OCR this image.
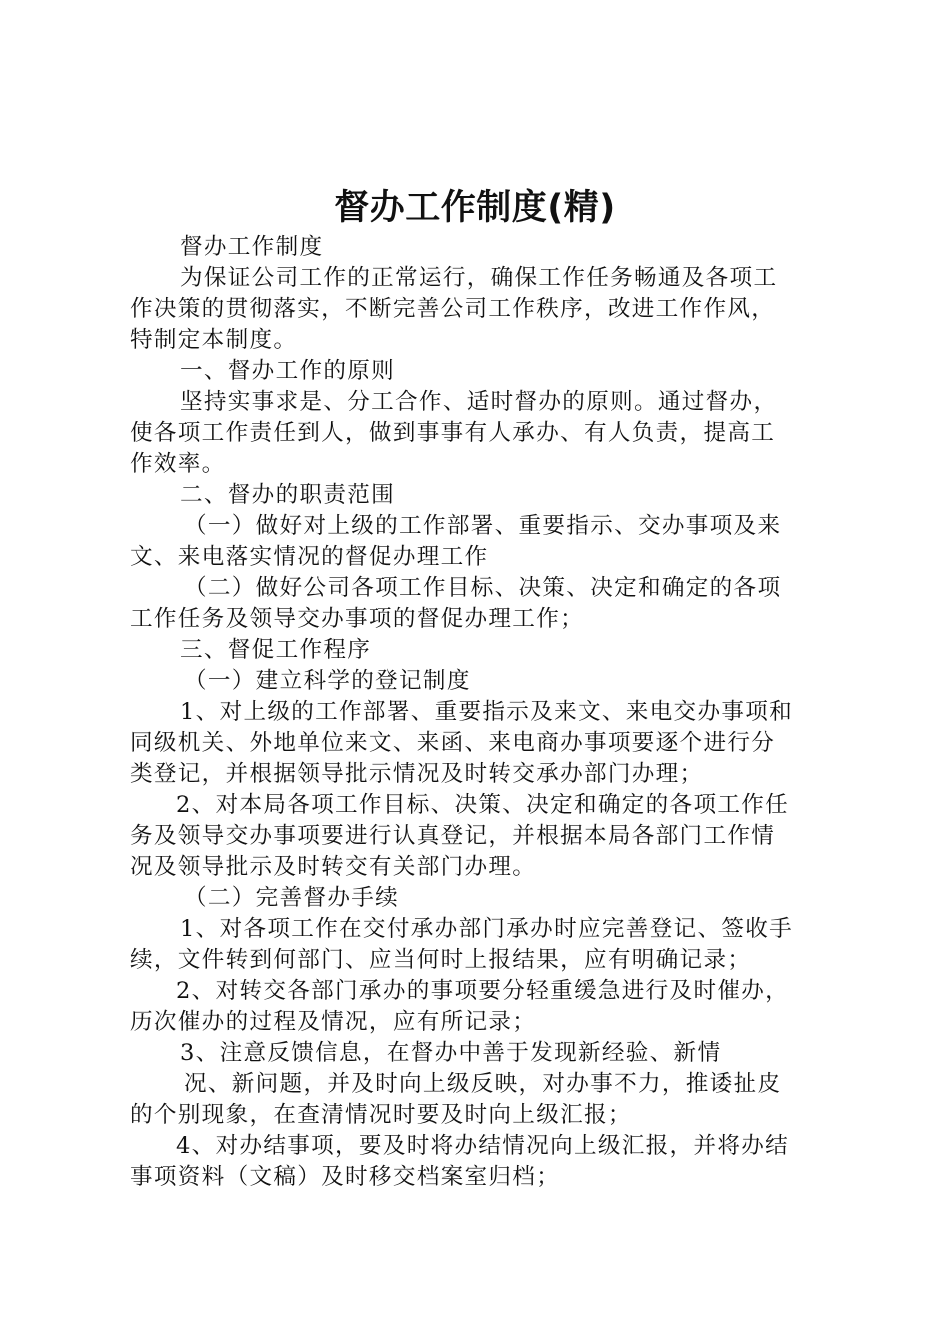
督办工作制度(精)
督办工作制度
为保证公司工作的正常运行，确保工作任务畅通及各项工
作决策的贯彻落实，不断完善公司工作秩序，改进工作作风，
特制定本制度。
一、督办工作的原则
坚持实事求是、分工合作、适时督办的原则。通过督办，
使各项工作责任到人，做到事事有人承办、有人负责，提高工
作效率。
二、督办的职责范围
（一）做好对上级的工作部署、重要指示、交办事项及来
文、来电落实情况的督促办理工作
（二）做好公司各项工作目标、决策、决定和确定的各项
工作任务及领导交办事项的督促办理工作；
三、督促工作程序
（一）建立科学的登记制度
1、对上级的工作部署、重要指示及来文、来电交办事项和
同级机关、外地单位来文、来函、来电商办事项要逐个进行分
类登记，并根据领导批示情况及时转交承办部门办理；
2、对本局各项工作目标、决策、决定和确定的各项工作任
务及领导交办事项要进行认真登记，并根据本局各部门工作情
况及领导批示及时转交有关部门办理。
（二）完善督办手续
1、对各项工作在交付承办部门承办时应完善登记、签收手
续，文件转到何部门、应当何时上报结果，应有明确记录；
2、对转交各部门承办的事项要分轻重缓急进行及时催办，
历次催办的过程及情况，应有所记录；
3、注意反馈信息，在督办中善于发现新经验、新情
况、新问题，并及时向上级反映，对办事不力，推诿扯皮
的个别现象，在查清情况时要及时向上级汇报；
4、对办结事项，要及时将办结情况向上级汇报，并将办结
事项资料（文稿）及时移交档案室归档；
